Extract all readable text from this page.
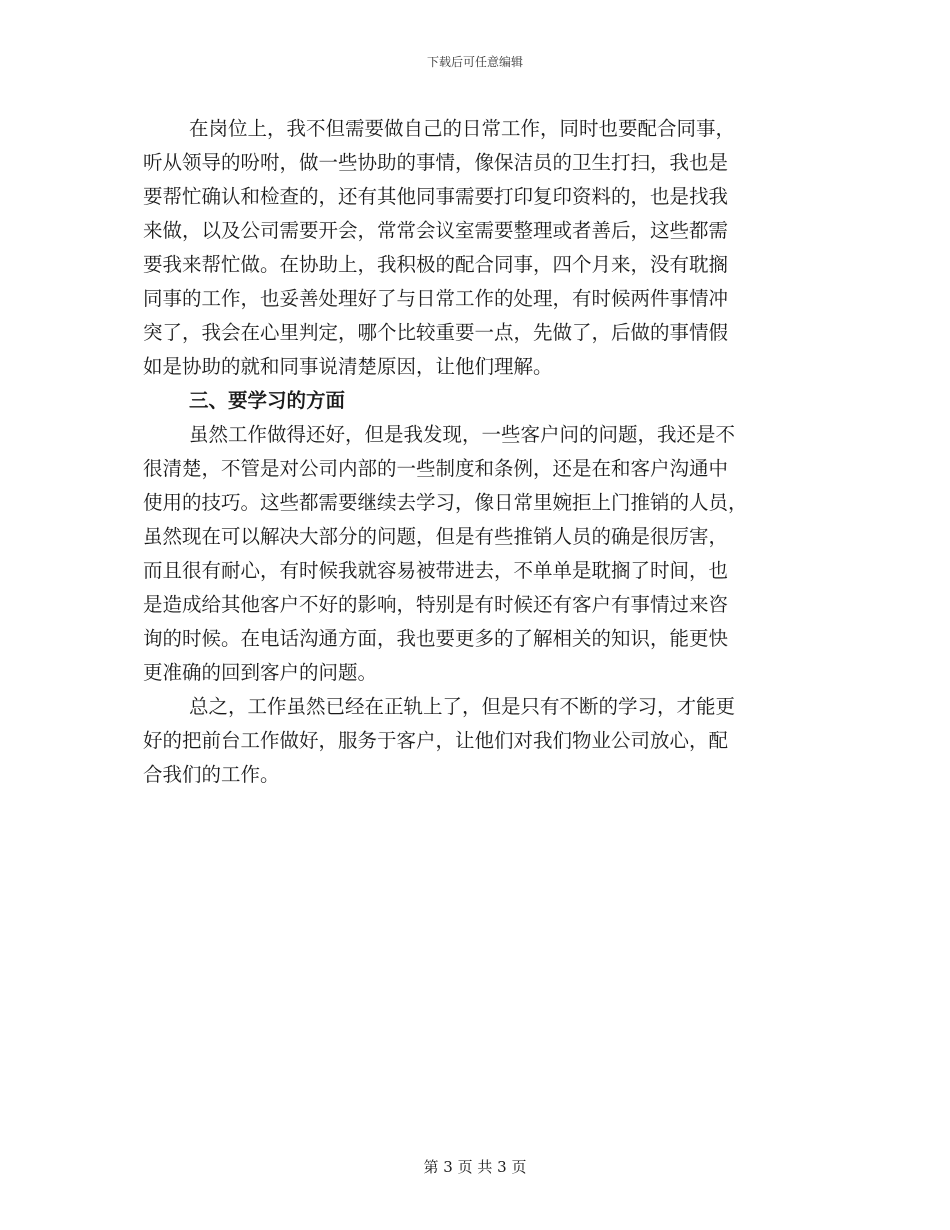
下载后可任意编辑
在岗位上，我不但需要做自己的日常工作，同时也要配合同事，
听从领导的吩咐，做一些协助的事情，像保洁员的卫生打扫，我也是
要帮忙确认和检查的，还有其他同事需要打印复印资料的，也是找我
来做，以及公司需要开会，常常会议室需要整理或者善后，这些都需
要我来帮忙做。在协助上，我积极的配合同事，四个月来，没有耽搁
同事的工作，也妥善处理好了与日常工作的处理，有时候两件事情冲
突了，我会在心里判定，哪个比较重要一点，先做了，后做的事情假
如是协助的就和同事说清楚原因，让他们理解。
三、要学习的方面
虽然工作做得还好，但是我发现，一些客户问的问题，我还是不
很清楚，不管是对公司内部的一些制度和条例，还是在和客户沟通中
使用的技巧。这些都需要继续去学习，像日常里婉拒上门推销的人员，
虽然现在可以解决大部分的问题，但是有些推销人员的确是很厉害，
而且很有耐心，有时候我就容易被带进去，不单单是耽搁了时间，也
是造成给其他客户不好的影响，特别是有时候还有客户有事情过来咨
询的时候。在电话沟通方面，我也要更多的了解相关的知识，能更快
更准确的回到客户的问题。
总之，工作虽然已经在正轨上了，但是只有不断的学习，才能更
好的把前台工作做好，服务于客户，让他们对我们物业公司放心，配
合我们的工作。
第 3 页 共 3 页
